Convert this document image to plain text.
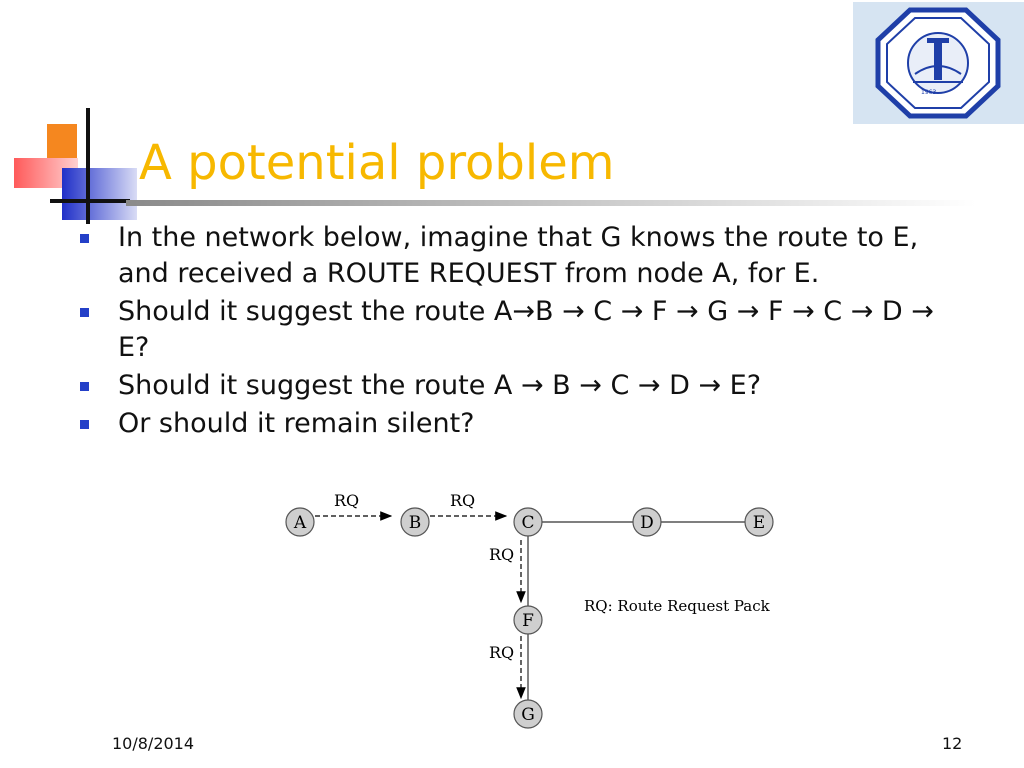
A potential problem
1963
In the network below, imagine that G knows the route to E, and received a ROUTE REQUEST from node A, for E.
Should it suggest the route A→B → C → F → G → F → C → D → E?
Should it suggest the route A → B → C → D → E?
Or should it remain silent?
RQ	RQ
RQ
RQ
A	B	C	D	E
F
G
RQ: Route Request Pack
10/8/2014	12
